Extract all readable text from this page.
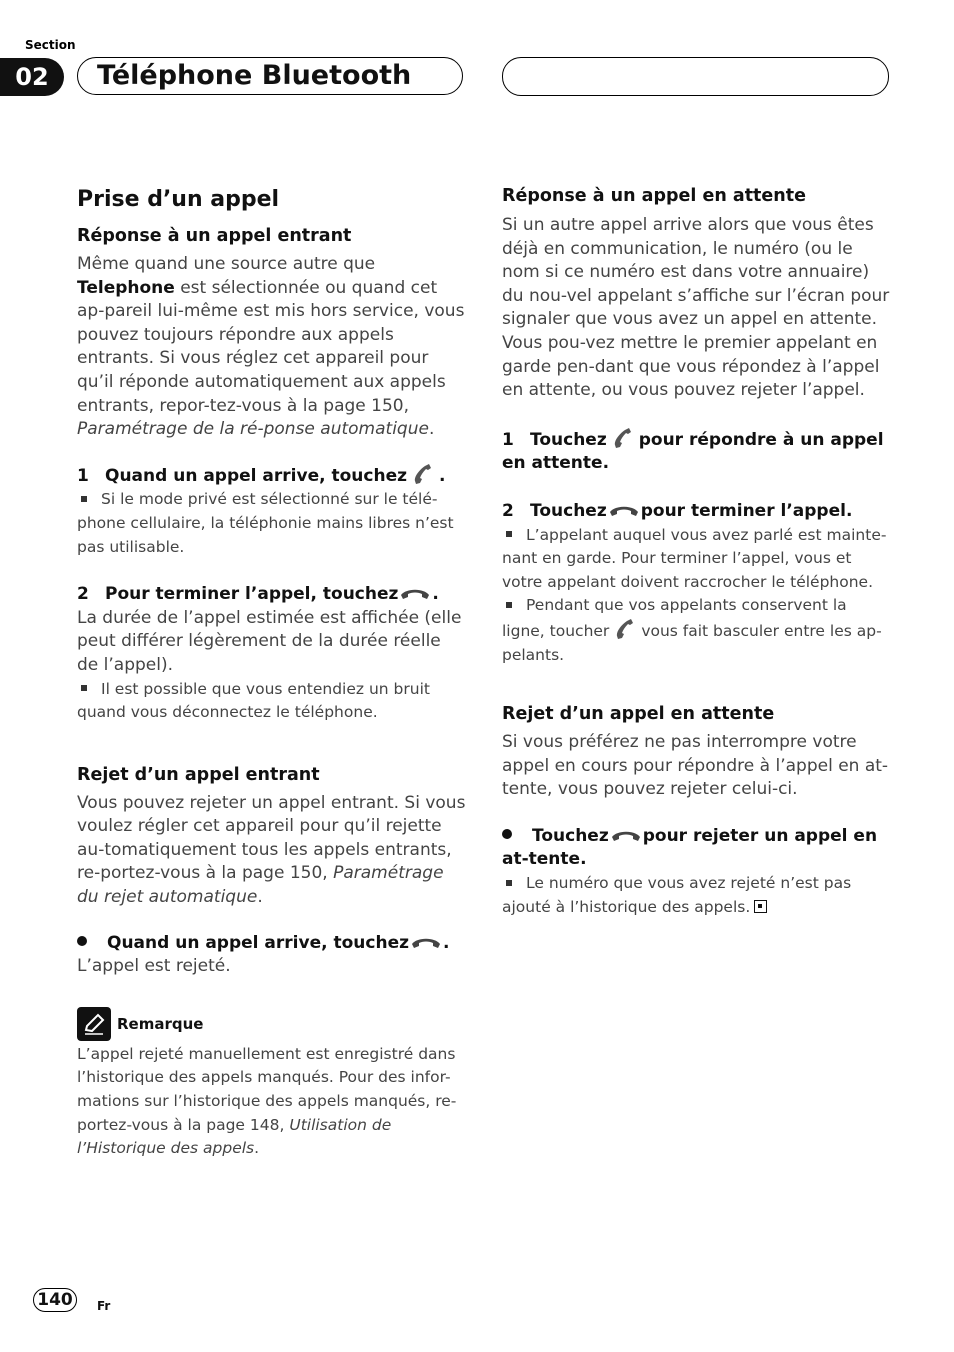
Section
02	Téléphone Bluetooth
Prise d’un appel
Réponse à un appel entrant

Même quand une source autre que Telephone est sélectionnée ou quand cet ap-pareil lui-même est mis hors service, vous pouvez toujours répondre aux appels entrants. Si vous réglez cet appareil pour qu’il réponde automatiquement aux appels entrants, repor-tez-vous à la page 150, Paramétrage de la ré-ponse automatique.

1 Quand un appel arrive, touchez .
Si le mode privé est sélectionné sur le télé-phone cellulaire, la téléphonie mains libres n’est pas utilisable.
2 Pour terminer l’appel, touchez .

La durée de l’appel estimée est affichée (elle peut différer légèrement de la durée réelle de l’appel).

Il est possible que vous entendiez un bruit quand vous déconnectez le téléphone.
Rejet d’un appel entrant

Vous pouvez rejeter un appel entrant. Si vous voulez régler cet appareil pour qu’il rejette au-tomatiquement tous les appels entrants, re-portez-vous à la page 150, Paramétrage du rejet automatique.

Quand un appel arrive, touchez .

L’appel est rejeté.

Remarque

L’appel rejeté manuellement est enregistré dans l’historique des appels manqués. Pour des infor-mations sur l’historique des appels manqués, re-portez-vous à la page 148, Utilisation de l’Historique des appels.

Réponse à un appel en attente

Si un autre appel arrive alors que vous êtes déjà en communication, le numéro (ou le nom si ce numéro est dans votre annuaire) du nou-vel appelant s’affiche sur l’écran pour signaler que vous avez un appel en attente. Vous pou-vez mettre le premier appelant en garde pen-dant que vous répondez à l’appel en attente, ou vous pouvez rejeter l’appel.

1 Touchez pour répondre à un appel en attente.
2 Touchez pour terminer l’appel.
L’appelant auquel vous avez parlé est mainte-nant en garde. Pour terminer l’appel, vous et votre appelant doivent raccrocher le téléphone.
Pendant que vos appelants conservent la ligne, toucher vous fait basculer entre les ap-pelants.
Rejet d’un appel en attente

Si vous préférez ne pas interrompre votre appel en cours pour répondre à l’appel en at-tente, vous pouvez rejeter celui-ci.

Touchez pour rejeter un appel en at-tente.
Le numéro que vous avez rejeté n’est pas ajouté à l’historique des appels.
140	Fr
